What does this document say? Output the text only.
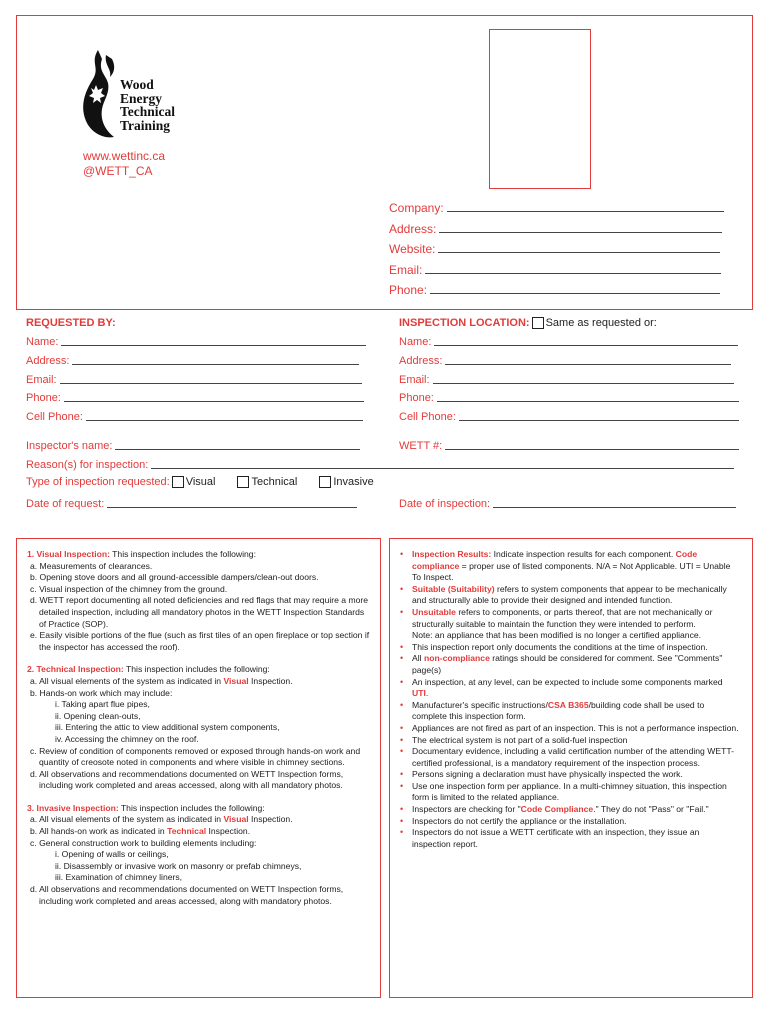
Wood
Energy
Technical
Training
www.wettinc.ca
@WETT_CA
Company:
Address:
Website:
Email:
Phone:
REQUESTED BY:
Name:
Address:
Email:
Phone:
Cell Phone:
INSPECTION LOCATION: Same as requested or:
Name:
Address:
Email:
Phone:
Cell Phone:
Inspector's name:	WETT #:
Reason(s) for inspection:
Type of inspection requested: Visual	Technical	Invasive
Date of request:	Date of inspection:
1. Visual Inspection: This inspection includes the following:
a. Measurements of clearances.
b. Opening stove doors and all ground-accessible dampers/clean-out doors.
c. Visual inspection of the chimney from the ground.
d. WETT report documenting all noted deficiencies and red flags that may require a more detailed inspection, including all mandatory photos in the WETT Inspection Standards of Practice (SOP).
e. Easily visible portions of the flue (such as first tiles of an open fireplace or top section if the inspector has accessed the roof).
2. Technical Inspection: This inspection includes the following:
a. All visual elements of the system as indicated in Visual Inspection.
b. Hands-on work which may include:
i. Taking apart flue pipes,
ii. Opening clean-outs,
iii. Entering the attic to view additional system components,
iv. Accessing the chimney on the roof.
c. Review of condition of components removed or exposed through hands-on work and quantity of creosote noted in components and where visible in chimney sections.
d. All observations and recommendations documented on WETT Inspection forms, including work completed and areas accessed, along with all mandatory photos.
3. Invasive Inspection: This inspection includes the following:
a. All visual elements of the system as indicated in Visual Inspection.
b. All hands-on work as indicated in Technical Inspection.
c. General construction work to building elements including:
i. Opening of walls or ceilings,
ii. Disassembly or invasive work on masonry or prefab chimneys,
iii. Examination of chimney liners,
d. All observations and recommendations documented on WETT Inspection forms, including work completed and areas accessed, along with mandatory photos.
•	Inspection Results: Indicate inspection results for each component. Code compliance = proper use of listed components. N/A = Not Applicable. UTI = Unable To Inspect.
•	Suitable (Suitability) refers to system components that appear to be mechanically and structurally able to provide their designed and intended function.
•	Unsuitable refers to components, or parts thereof, that are not mechanically or structurally suitable to maintain the function they were intended to perform.
Note: an appliance that has been modified is no longer a certified appliance.
•	This inspection report only documents the conditions at the time of inspection.
•	All non-compliance ratings should be considered for comment. See "Comments" page(s)
•	An inspection, at any level, can be expected to include some components marked UTI.
•	Manufacturer's specific instructions/CSA B365/building code shall be used to complete this inspection form.
•	Appliances are not fired as part of an inspection. This is not a performance inspection.
•	The electrical system is not part of a solid-fuel inspection
•	Documentary evidence, including a valid certification number of the attending WETT-certified professional, is a mandatory requirement of the inspection process.
•	Persons signing a declaration must have physically inspected the work.
•	Use one inspection form per appliance. In a multi-chimney situation, this inspection form is limited to the related appliance.
•	Inspectors are checking for "Code Compliance." They do not "Pass" or "Fail."
•	Inspectors do not certify the appliance or the installation.
•	Inspectors do not issue a WETT certificate with an inspection, they issue an inspection report.
